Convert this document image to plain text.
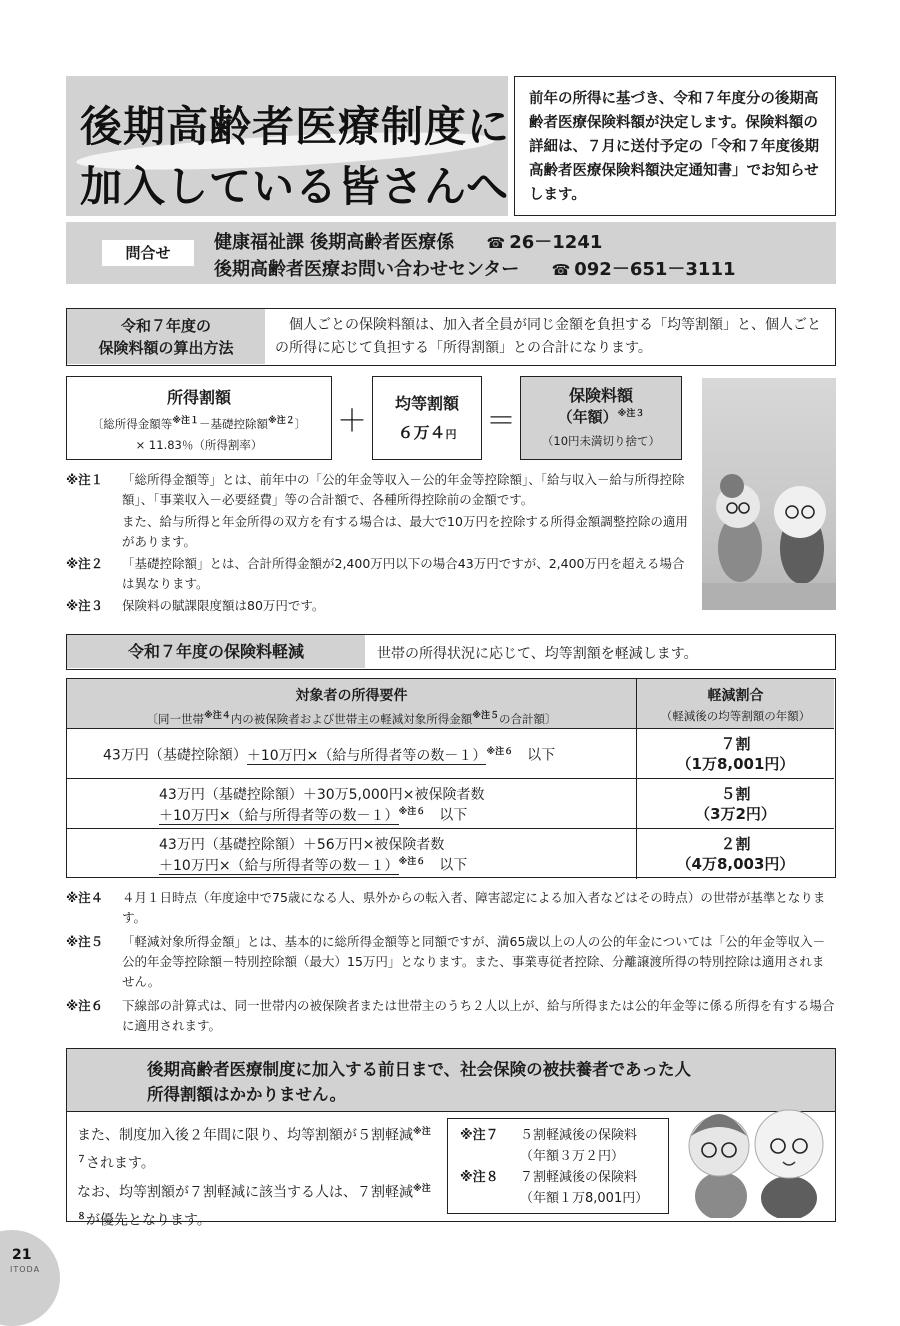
後期高齢者医療制度に
加入している皆さんへ
前年の所得に基づき、令和７年度分の後期高齢者医療保険料額が決定します。保険料額の詳細は、７月に送付予定の「令和７年度後期高齢者医療保険料額決定通知書」でお知らせします。
問合せ	健康福祉課 後期高齢者医療係 ☎ 26－1241
後期高齢者医療お問い合わせセンター ☎ 092－651－3111
令和７年度の
保険料額の算出方法
個人ごとの保険料額は、加入者全員が同じ金額を負担する「均等割額」と、個人ごとの所得に応じて負担する「所得割額」との合計になります。
所得割額
〔総所得金額等$^{※注1}$－基礎控除額$^{※注2}$〕
× 11.83％（所得割率）
＋
均等割額
６万４円 ＝
保険料額
（年額）$^{※注3}$
（10円未満切り捨て）
※注１ 「総所得金額等」とは、前年中の「公的年金等収入－公的年金等控除額」、「給与収入－給与所得控除額」、「事業収入－必要経費」等の合計額で、各種所得控除前の金額です。
また、給与所得と年金所得の双方を有する場合は、最大で10万円を控除する所得金額調整控除の適用があります。
※注２ 「基礎控除額」とは、合計所得金額が2,400万円以下の場合43万円ですが、2,400万円を超える場合は異なります。
※注３ 保険料の賦課限度額は80万円です。
令和７年度の保険料軽減	世帯の所得状況に応じて、均等割額を軽減します。
対象者の所得要件
〔同一世帯$^{※注4}$内の被保険者および世帯主の軽減対象所得金額$^{※注5}$の合計額〕
軽減割合
（軽減後の均等割額の年額）
43万円（基礎控除額）＋10万円×（給与所得者等の数－１）$^{※注6}$　 以下
７割
（1万8,001円）
43万円（基礎控除額）＋30万5,000円×被保険者数
＋10万円×（給与所得者等の数－１）$^{※注6}$　 以下
５割
（3万2円）
43万円（基礎控除額）＋56万円×被保険者数
＋10万円×（給与所得者等の数－１）$^{※注6}$　 以下
２割
（4万8,003円）
※注４ ４月１日時点（年度途中で75歳になる人、県外からの転入者、障害認定による加入者などはその時点）の世帯が基準となります。
※注５ 「軽減対象所得金額」とは、基本的に総所得金額等と同額ですが、満65歳以上の人の公的年金については「公的年金等収入－公的年金等控除額－特別控除額（最大）15万円」となります。また、事業専従者控除、分離譲渡所得の特別控除は適用されません。
※注６ 下線部の計算式は、同一世帯内の被保険者または世帯主のうち２人以上が、給与所得または公的年金等に係る所得を有する場合に適用されます。
後期高齢者医療制度に加入する前日まで、社会保険の被扶養者であった人
所得割額はかかりません。
また、制度加入後２年間に限り、均等割額が５割軽減$^{※注7}$されます。
なお、均等割額が７割軽減に該当する人は、７割軽減$^{※注8}$が優先となります。
※注７ ５割軽減後の保険料
（年額３万２円）
※注８ ７割軽減後の保険料
（年額１万8,001円）
21
ITODA
